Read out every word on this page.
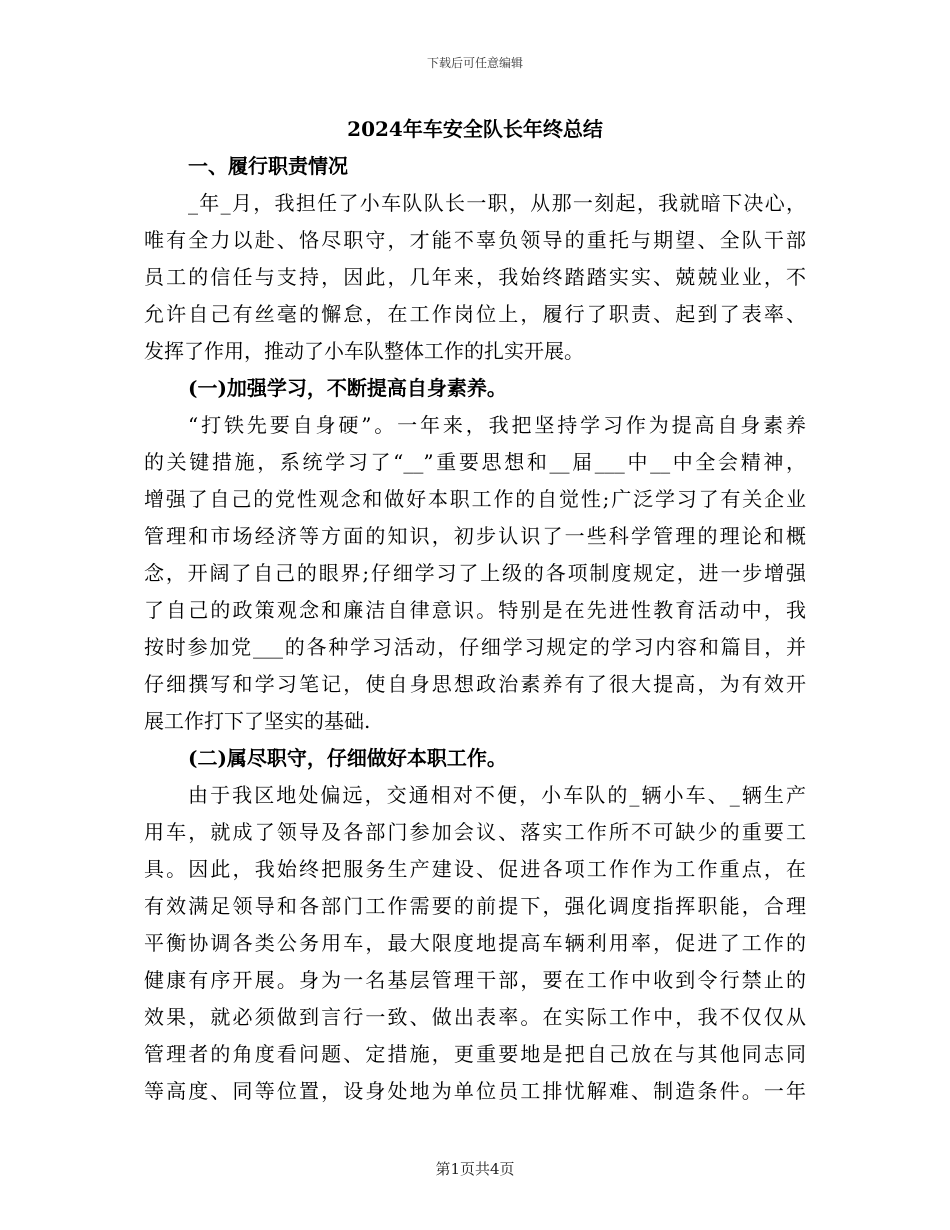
下载后可任意编辑
2024年车安全队长年终总结
一、履行职责情况
_年_月，我担任了小车队队长一职，从那一刻起，我就暗下决心，
唯有全力以赴、恪尽职守，才能不辜负领导的重托与期望、全队干部
员工的信任与支持，因此，几年来，我始终踏踏实实、兢兢业业，不
允许自己有丝毫的懈怠，在工作岗位上，履行了职责、起到了表率、
发挥了作用，推动了小车队整体工作的扎实开展。
(一)加强学习，不断提高自身素养。
“打铁先要自身硬”。一年来，我把坚持学习作为提高自身素养
的关键措施，系统学习了“__”重要思想和__届___中__中全会精神，
增强了自己的党性观念和做好本职工作的自觉性;广泛学习了有关企业
管理和市场经济等方面的知识，初步认识了一些科学管理的理论和概
念，开阔了自己的眼界;仔细学习了上级的各项制度规定，进一步增强
了自己的政策观念和廉洁自律意识。特别是在先进性教育活动中，我
按时参加党___的各种学习活动，仔细学习规定的学习内容和篇目，并
仔细撰写和学习笔记，使自身思想政治素养有了很大提高，为有效开
展工作打下了坚实的基础.
(二)属尽职守，仔细做好本职工作。
由于我区地处偏远，交通相对不便，小车队的_辆小车、_辆生产
用车，就成了领导及各部门参加会议、落实工作所不可缺少的重要工
具。因此，我始终把服务生产建设、促进各项工作作为工作重点，在
有效满足领导和各部门工作需要的前提下，强化调度指挥职能，合理
平衡协调各类公务用车，最大限度地提高车辆利用率，促进了工作的
健康有序开展。身为一名基层管理干部，要在工作中收到令行禁止的
效果，就必须做到言行一致、做出表率。在实际工作中，我不仅仅从
管理者的角度看问题、定措施，更重要地是把自己放在与其他同志同
等高度、同等位置，设身处地为单位员工排忧解难、制造条件。一年
第1页共4页
